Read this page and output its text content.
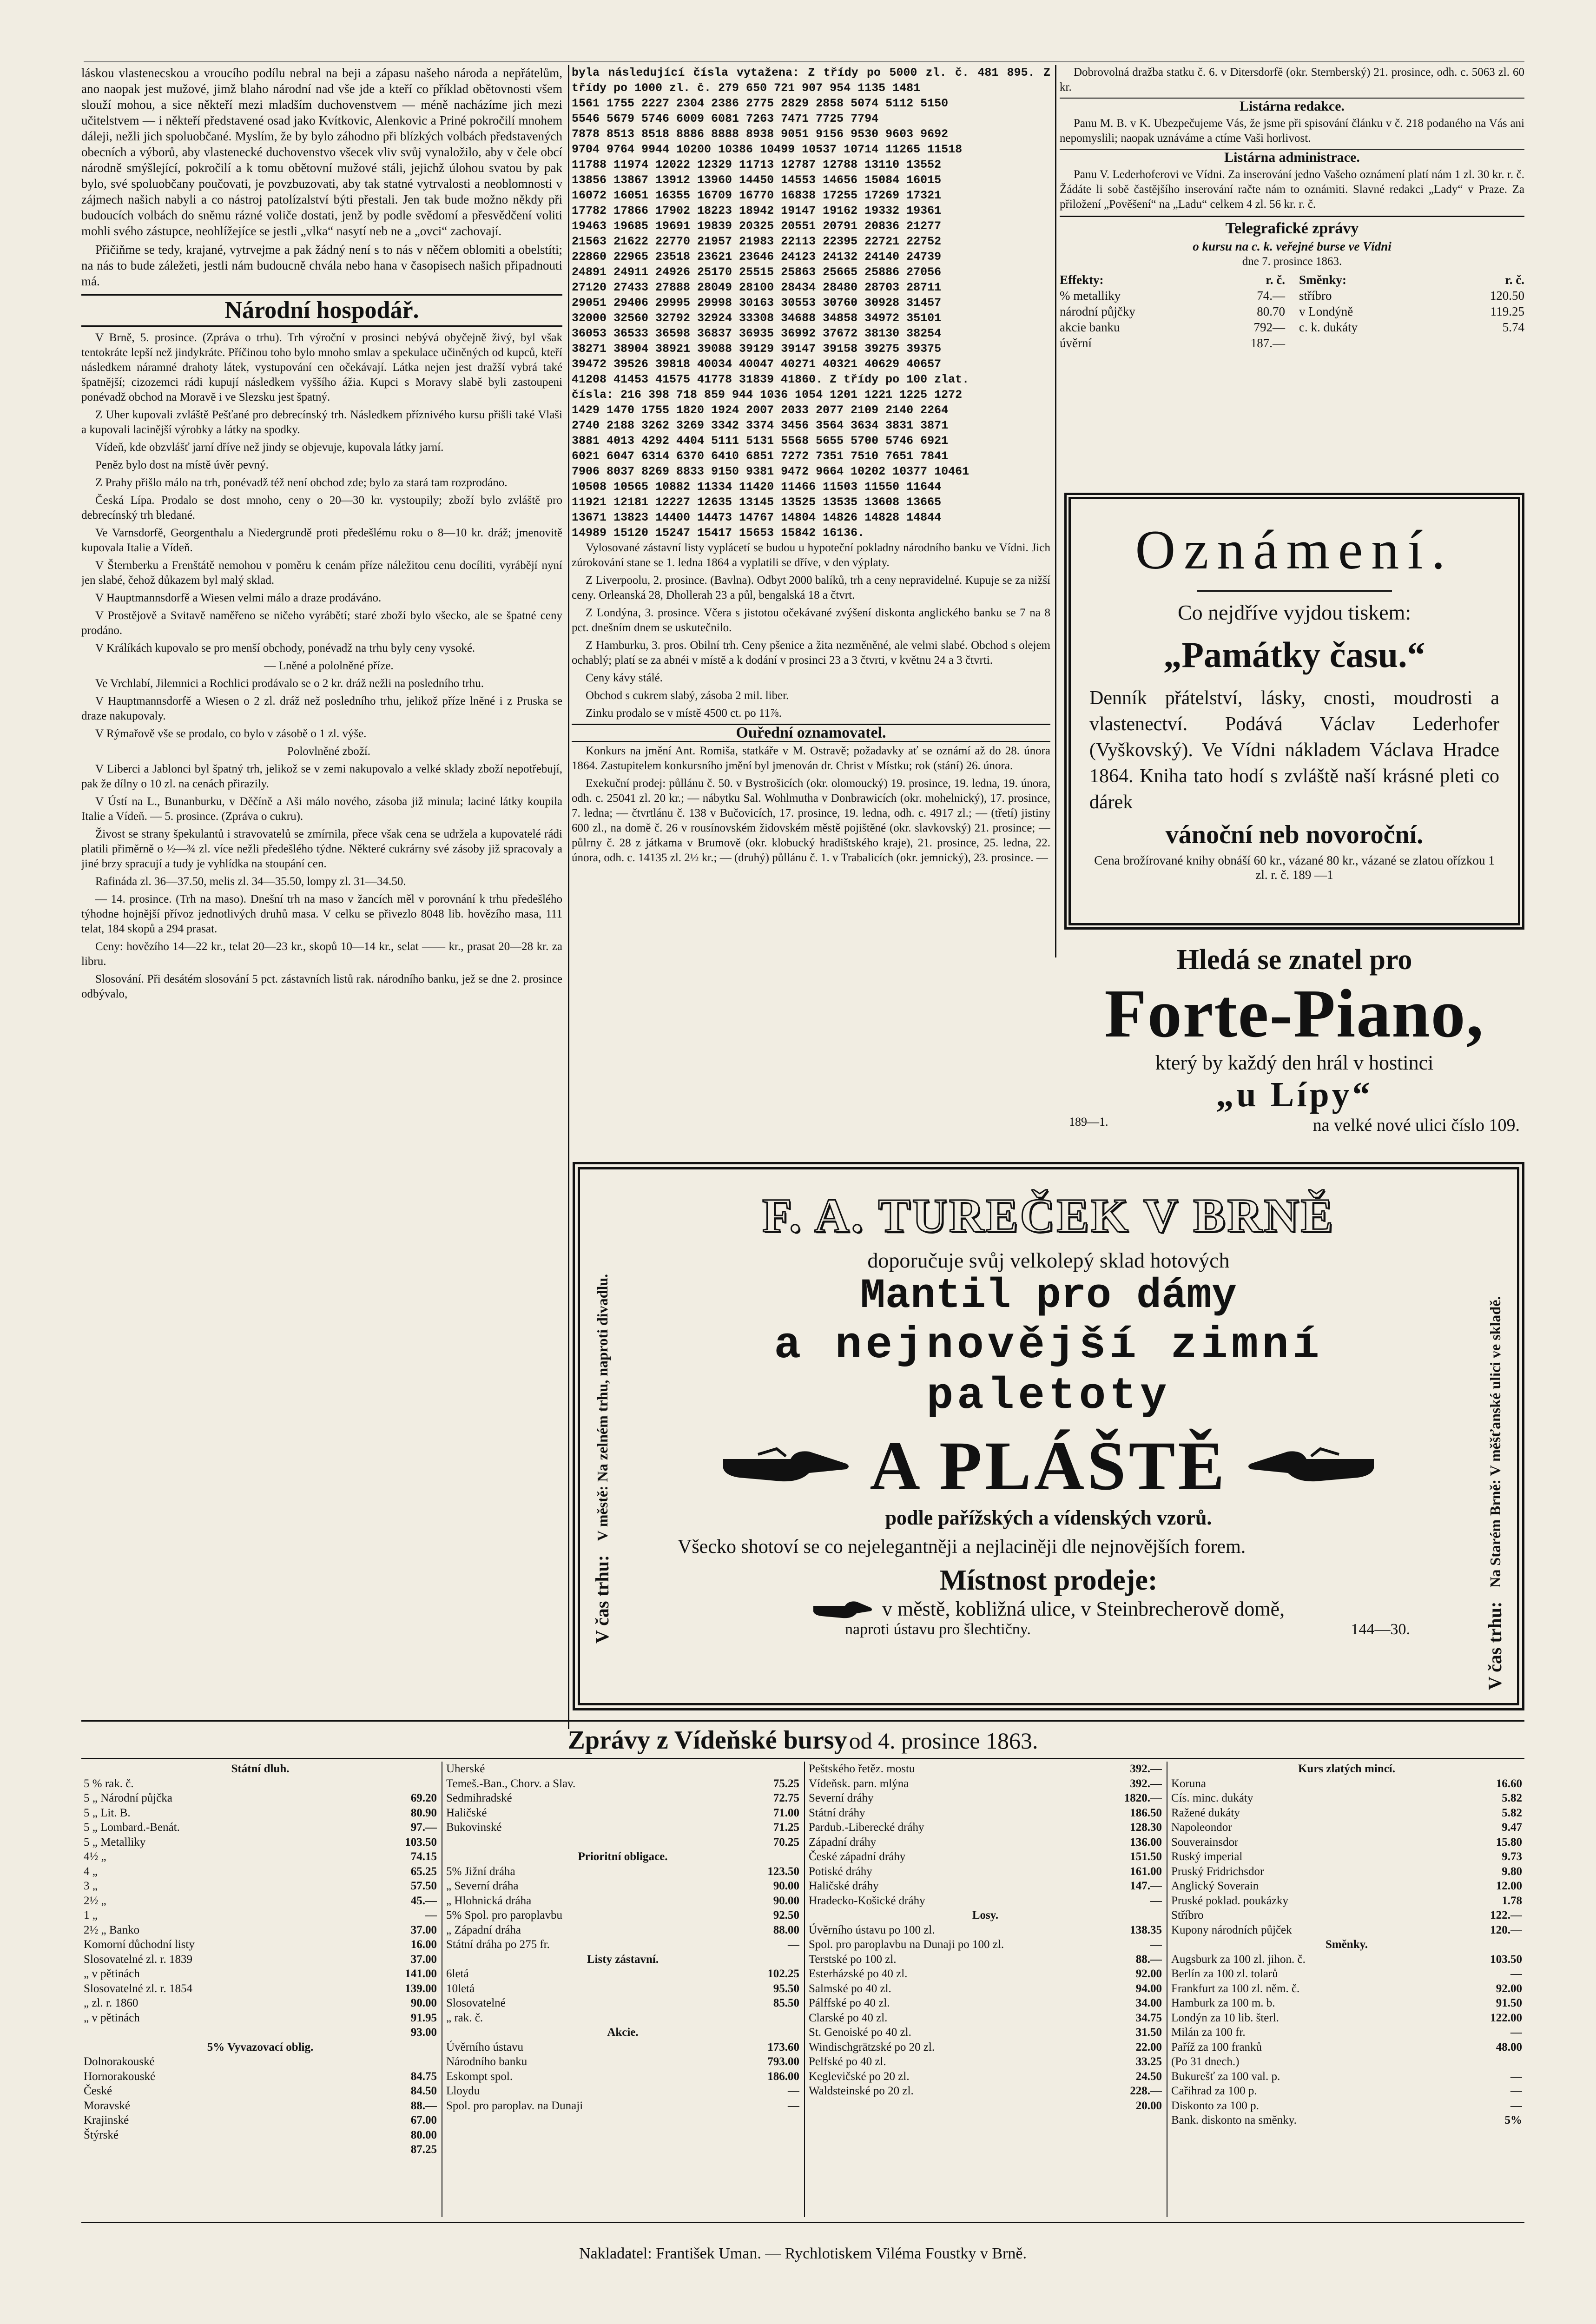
láskou vlastenecskou a vroucího podílu nebral na beji a zápasu našeho národa a nepřátelům, ano naopak jest mužové, jimž blaho národní nad vše jde a kteří co příklad obětovnosti všem slouží mohou, a sice někteří mezi mladším duchovenstvem — méně nacházíme jich mezi učitelstvem — i někteří představené osad jako Kvítkovic, Alenkovic a Priné pokročilí mnohem dáleji, nežli jich spoluobčané. Myslím, že by bylo záhodno při blízkých volbách představených obecních a výborů, aby vlastenecké duchovenstvo všecek vliv svůj vynaložilo, aby v čele obcí národně smýšlející, pokročilí a k tomu obětovní mužové stáli, jejichž úlohou svatou by pak bylo, své spoluobčany poučovati, je povzbuzovati, aby tak statné vytrvalosti a neoblomnosti v zájmech našich nabyli a co nástroj patolízalství býti přestali. Jen tak bude možno někdy při budoucích volbách do sněmu rázné voliče dostati, jenž by podle svědomí a přesvědčení voliti mohli svého zástupce, neohlížejíce se jestli „vlka“ nasytí neb ne a „ovci“ zachovají.

Přičiňme se tedy, krajané, vytrvejme a pak žádný není s to nás v něčem oblomiti a obelstíti; na nás to bude záležeti, jestli nám budoucně chvála nebo hana v časopisech našich připadnouti má.

Národní hospodář.

V Brně, 5. prosince. (Zpráva o trhu). Trh výroční v prosinci nebývá obyčejně živý, byl však tentokráte lepší než jindykráte. Příčinou toho bylo mnoho smlav a spekulace učiněných od kupců, kteří následkem náramné drahoty látek, vystupování cen očekávají. Látka nejen jest dražší vybrá také špatnější; cizozemci rádi kupují následkem vyššího ážia. Kupci s Moravy slabě byli zastoupeni ponévadž obchod na Moravě i ve Slezsku jest špatný.

Z Uher kupovali zvláště Pešťané pro debrecínský trh. Následkem příznivého kursu přišli také Vlaši a kupovali lacinější výrobky a látky na spodky.

Vídeň, kde obzvlášť jarní dříve než jindy se objevuje, kupovala látky jarní.

Peněz bylo dost na místě úvěr pevný.

Z Prahy přišlo málo na trh, ponévadž též není obchod zde; bylo za stará tam rozprodáno.

Česká Lípa. Prodalo se dost mnoho, ceny o 20—30 kr. vystoupily; zboží bylo zvláště pro debrecínský trh bledané.

Ve Varnsdorfě, Georgenthalu a Niedergrundě proti předešlému roku o 8—10 kr. dráž; jmenovitě kupovala Italie a Vídeň.

V Šternberku a Frenštátě nemohou v poměru k cenám příze náležitou cenu docíliti, vyrábějí nyní jen slabé, čehož důkazem byl malý sklad.

V Hauptmannsdorfě a Wiesen velmi málo a draze prodáváno.

V Prostějově a Svitavě naměřeno se ničeho vyrábětí; staré zboží bylo všecko, ale se špatné ceny prodáno.

V Králíkách kupovalo se pro menší obchody, ponévadž na trhu byly ceny vysoké.

— Lněné a pololněné příze.

Ve Vrchlabí, Jilemnici a Rochlici prodávalo se o 2 kr. dráž nežli na posledního trhu.

V Hauptmannsdorfě a Wiesen o 2 zl. dráž než posledního trhu, jelikož příze lněné i z Pruska se draze nakupovaly.

V Rýmařově vše se prodalo, co bylo v zásobě o 1 zl. výše.

Polovlněné zboží.

V Liberci a Jablonci byl špatný trh, jelikož se v zemi nakupovalo a velké sklady zboží nepotřebují, pak že dílny o 10 zl. na cenách přirazily.

V Ústí na L., Bunanburku, v Děčíně a Aši málo nového, zásoba již minula; laciné látky koupila Italie a Vídeň. — 5. prosince. (Zpráva o cukru).

Živost se strany špekulantů i stravovatelů se zmírnila, přece však cena se udržela a kupovatelé rádi platili přiměrně o ½—¾ zl. více nežli předešlého týdne. Některé cukrárny své zásoby již spracovaly a jiné brzy spracují a tudy je vyhlídka na stoupání cen.

Rafináda zl. 36—37.50, melis zl. 34—35.50, lompy zl. 31—34.50.

— 14. prosince. (Trh na maso). Dnešní trh na maso v žancích měl v porovnání k trhu předešlého týhodne hojnější přívoz jednotlivých druhů masa. V celku se přivezlo 8048 lib. hovězího masa, 111 telat, 184 skopů a 294 prasat.

Ceny: hovězího 14—22 kr., telat 20—23 kr., skopů 10—14 kr., selat —— kr., prasat 20—28 kr. za libru.

Slosování. Při desátém slosování 5 pct. zástavních listů rak. národního banku, jež se dne 2. prosince odbývalo,

byla následující čísla vytažena: Z třídy po 5000 zl. č. 481 895. Z třídy po 1000 zl. č. 279 650 721 907 954 1135 1481
1561 1755 2227 2304 2386 2775 2829 2858 5074 5112 5150
5546 5679 5746 6009 6081 7263 7471 7725 7794
7878 8513 8518 8886 8888 8938 9051 9156 9530 9603 9692
9704 9764 9944 10200 10386 10499 10537 10714 11265 11518
11788 11974 12022 12329 11713 12787 12788 13110 13552
13856 13867 13912 13960 14450 14553 14656 15084 16015
16072 16051 16355 16709 16770 16838 17255 17269 17321
17782 17866 17902 18223 18942 19147 19162 19332 19361
19463 19685 19691 19839 20325 20551 20791 20836 21277
21563 21622 22770 21957 21983 22113 22395 22721 22752
22860 22965 23518 23621 23646 24123 24132 24140 24739
24891 24911 24926 25170 25515 25863 25665 25886 27056
27120 27433 27888 28049 28100 28434 28480 28703 28711
29051 29406 29995 29998 30163 30553 30760 30928 31457
32000 32560 32792 32924 33308 34688 34858 34972 35101
36053 36533 36598 36837 36935 36992 37672 38130 38254
38271 38904 38921 39088 39129 39147 39158 39275 39375
39472 39526 39818 40034 40047 40271 40321 40629 40657
41208 41453 41575 41778 31839 41860. Z třídy po 100 zlat.
čísla: 216 398 718 859 944 1036 1054 1201 1221 1225 1272
1429 1470 1755 1820 1924 2007 2033 2077 2109 2140 2264
2740 2188 3262 3269 3342 3374 3456 3564 3634 3831 3871
3881 4013 4292 4404 5111 5131 5568 5655 5700 5746 6921
6021 6047 6314 6370 6410 6851 7272 7351 7510 7651 7841
7906 8037 8269 8833 9150 9381 9472 9664 10202 10377 10461
10508 10565 10882 11334 11420 11466 11503 11550 11644
11921 12181 12227 12635 13145 13525 13535 13608 13665
13671 13823 14400 14473 14767 14804 14826 14828 14844
14989 15120 15247 15417 15653 15842 16136.

Vylosované zástavní listy vyplácetí se budou u hypoteční pokladny národního banku ve Vídni. Jich zúrokování stane se 1. ledna 1864 a vyplatili se dříve, v den výplaty.

Z Liverpoolu, 2. prosince. (Bavlna). Odbyt 2000 balíků, trh a ceny nepravidelné. Kupuje se za nižší ceny. Orleanská 28, Dhollerah 23 a půl, bengalská 18 a čtvrt.

Z Londýna, 3. prosince. Včera s jistotou očekávané zvýšení diskonta anglického banku se 7 na 8 pct. dnešním dnem se uskutečnilo.

Z Hamburku, 3. pros. Obilní trh. Ceny pšenice a žita nezměněné, ale velmi slabé. Obchod s olejem ochablý; platí se za abnéi v místě a k dodání v prosinci 23 a 3 čtvrti, v květnu 24 a 3 čtvrti.

Ceny kávy stálé.

Obchod s cukrem slabý, zásoba 2 mil. liber.

Zinku prodalo se v místě 4500 ct. po 11⅞.

Ouřední oznamovatel.

Konkurs na jmění Ant. Romiša, statkáře v M. Ostravě; požadavky ať se oznámí až do 28. února 1864. Zastupitelem konkursního jmění byl jmenován dr. Christ v Místku; rok (stání) 26. února.

Exekuční prodej: půllánu č. 50. v Bystrošicích (okr. olomoucký) 19. prosince, 19. ledna, 19. února, odh. c. 25041 zl. 20 kr.; — nábytku Sal. Wohlmutha v Donbrawicích (okr. mohelnický), 17. prosince, 7. ledna; — čtvrtlánu č. 138 v Bučovicích, 17. prosince, 19. ledna, odh. c. 4917 zl.; — (třetí) jistiny 600 zl., na domě č. 26 v rousínovském židovském městě pojištěné (okr. slavkovský) 21. prosince; — půlrny č. 28 z játkama v Brumově (okr. klobucký hradištského kraje), 21. prosince, 25. ledna, 22. února, odh. c. 14135 zl. 2½ kr.; — (druhý) půllánu č. 1. v Trabalicích (okr. jemnický), 23. prosince. —

Dobrovolná dražba statku č. 6. v Ditersdorfě (okr. Sternberský) 21. prosince, odh. c. 5063 zl. 60 kr.

Listárna redakce.

Panu M. B. v K. Ubezpečujeme Vás, že jsme při spisování článku v č. 218 podaného na Vás ani nepomyslili; naopak uznáváme a ctíme Vaši horlivost.

Listárna administrace.

Panu V. Lederhoferovi ve Vídni. Za inserování jedno Vašeho oznámení platí nám 1 zl. 30 kr. r. č. Žádáte li sobě častějšího inserování račte nám to oznámiti. Slavné redakci „Lady“ v Praze. Za přiložení „Pověšení“ na „Ladu“ celkem 4 zl. 56 kr. r. č.

Telegrafické zprávy
o kursu na c. k. veřejné burse ve Vídni
dne 7. prosince 1863.
Effekty:	r. č.
% metalliky	74.—
národní půjčky	80.70
akcie banku	792—
úvěrní	187.—
Směnky:	r. č.
stříbro	120.50
v Londýně	119.25
c. k. dukáty	5.74
Oznámení.
Co nejdříve vyjdou tiskem:
„Památky času.“
Denník přátelství, lásky, cnosti, moudrosti a vlastenectví. Podává Václav Lederhofer (Vyškovský). Ve Vídni nákladem Václava Hradce 1864. Kniha tato hodí s zvláště naší krásné pleti co dárek
vánoční neb novoroční.
Cena brožírované knihy obnáší 60 kr., vázané 80 kr., vázané se zlatou ořízkou 1 zl. r. č. 189 —1
Hledá se znatel pro
Forte-Piano,
který by každý den hrál v hostinci
„u Lípy“
189—1.	na velké nové ulici číslo 109.
V čas trhu:   V městě: Na zelném trhu, naproti divadlu.
V čas trhu:   Na Starém Brně: V měšťanské ulici ve skladě.
F. A. TUREČEK V BRNĚ
doporučuje svůj velkolepý sklad hotových
Mantil pro dámy
a nejnovější zimní paletoty
A PLÁŠTĚ
podle pařížských a vídenských vzorů.
Všecko shotoví se co nejelegantněji a nejlaciněji dle nejnovějších forem.
Místnost prodeje:
v městě, kobližná ulice, v Steinbrecherově domě,
naproti ústavu pro šlechtičny.	144—30.
Zprávy z Vídeňské bursy od 4. prosince 1863.
Státní dluh.
5 % rak. č.
5 „ Národní půjčka	69.20
5 „ Lit. B.	80.90
5 „ Lombard.-Benát.	97.—
5 „ Metalliky	103.50
4½ „	74.15
4 „	65.25
3 „	57.50
2½ „	45.—
1 „	—
2½ „ Banko	37.00
Komorní důchodní listy	16.00
Slosovatelné zl. r. 1839	37.00
„ v pětinách	141.00
Slosovatelné zl. r. 1854	139.00
„ zl. r. 1860	90.00
„ v pětinách	91.95
93.00
5% Vyvazovací oblig.
Dolnorakouské
Hornorakouské	84.75
České	84.50
Moravské	88.—
Krajinské	67.00
Štýrské	80.00
87.25
Uherské
Temeš.-Ban., Chorv. a Slav.	75.25
Sedmihradské	72.75
Haličské	71.00
Bukovinské	71.25
70.25
Prioritní obligace.
5% Jižní dráha	123.50
„ Severní dráha	90.00
„ Hlohnická dráha	90.00
5% Spol. pro paroplavbu	92.50
„ Západní dráha	88.00
Státní dráha po 275 fr.	—
Listy zástavní.
6letá	102.25
10letá	95.50
Slosovatelné	85.50
„ rak. č.
Akcie.
Úvěrního ústavu	173.60
Národního banku	793.00
Eskompt spol.	186.00
Lloydu	—
Spol. pro paroplav. na Dunaji	—
Peštského řetěz. mostu	392.—
Vídeňsk. parn. mlýna	392.—
Severní dráhy	1820.—
Státní dráhy	186.50
Pardub.-Liberecké dráhy	128.30
Západní dráhy	136.00
České západní dráhy	151.50
Potiské dráhy	161.00
Haličské dráhy	147.—
Hradecko-Košické dráhy	—
Losy.
Úvěrního ústavu po 100 zl.	138.35
Spol. pro paroplavbu na Dunaji po 100 zl.	—
Terstské po 100 zl.	88.—
Esterházské po 40 zl.	92.00
Salmské po 40 zl.	94.00
Pálffské po 40 zl.	34.00
Clarské po 40 zl.	34.75
St. Genoiské po 40 zl.	31.50
Windischgrätzské po 20 zl.	22.00
Pelfské po 40 zl.	33.25
Keglevičské po 20 zl.	24.50
Waldsteinské po 20 zl.	228.—
20.00
Kurs zlatých mincí.
Koruna	16.60
Cís. minc. dukáty	5.82
Ražené dukáty	5.82
Napoleondor	9.47
Souverainsdor	15.80
Ruský imperial	9.73
Pruský Fridrichsdor	9.80
Anglický Soverain	12.00
Pruské poklad. poukázky	1.78
Stříbro	122.—
Kupony národních půjček	120.—
Směnky.
Augsburk za 100 zl. jihon. č.	103.50
Berlín za 100 zl. tolarů	—
Frankfurt za 100 zl. něm. č.	92.00
Hamburk za 100 m. b.	91.50
Londýn za 10 lib. šterl.	122.00
Milán za 100 fr.	—
Paříž za 100 franků	48.00
(Po 31 dnech.)
Bukurešť za 100 val. p.	—
Cařihrad za 100 p.	—
Diskonto za 100 p.	—
Bank. diskonto na směnky.	5%
Nakladatel: František Uman. — Rychlotiskem Viléma Foustky v Brně.
